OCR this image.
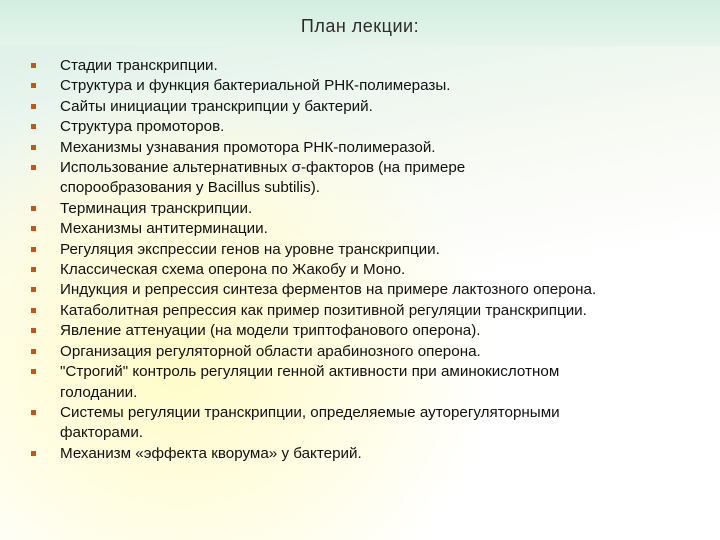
План лекции:
Стадии транскрипции.
Структура и функция бактериальной РНК-полимеразы.
Сайты инициации транскрипции у бактерий.
Структура промоторов.
Механизмы узнавания промотора РНК-полимеразой.
Использование альтернативных σ-факторов (на примере
спорообразования у Bacillus subtilis).
Терминация транскрипции.
Механизмы антитерминации.
Регуляция экспрессии генов на уровне транскрипции.
Классическая схема оперона по Жакобу и Моно.
Индукция и репрессия синтеза ферментов на примере лактозного оперона.
Катаболитная репрессия как пример позитивной регуляции транскрипции.
Явление аттенуации (на модели триптофанового оперона).
Организация регуляторной области арабинозного оперона.
"Строгий" контроль регуляции генной активности при аминокислотном
голодании.
Системы регуляции транскрипции, определяемые ауторегуляторными
факторами.
Механизм «эффекта кворума» у бактерий.
